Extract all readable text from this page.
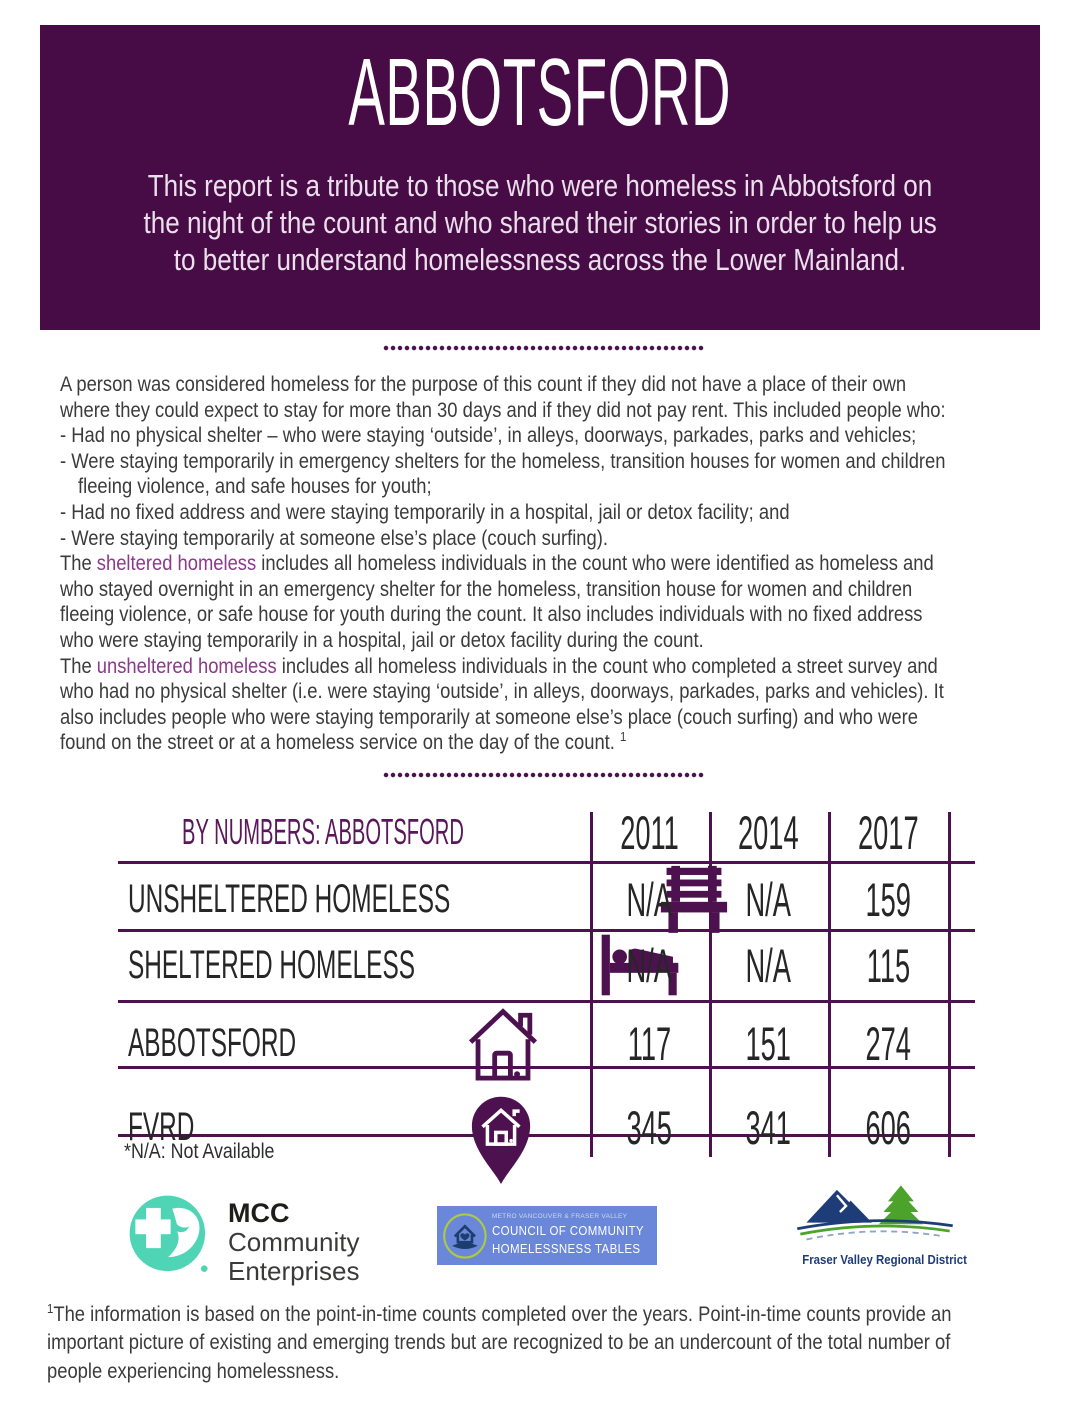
ABBOTSFORD
This report is a tribute to those who were homeless in Abbotsford on
the night of the count and who shared their stories in order to help us
to better understand homelessness across the Lower Mainland.
A person was considered homeless for the purpose of this count if they did not have a place of their own
where they could expect to stay for more than 30 days and if they did not pay rent. This included people who:
- Had no physical shelter – who were staying ‘outside’, in alleys, doorways, parkades, parks and vehicles;
- Were staying temporarily in emergency shelters for the homeless, transition houses for women and children
fleeing violence, and safe houses for youth;
- Had no fixed address and were staying temporarily in a hospital, jail or detox facility; and
- Were staying temporarily at someone else’s place (couch surfing).
The sheltered homeless includes all homeless individuals in the count who were identified as homeless and
who stayed overnight in an emergency shelter for the homeless, transition house for women and children
fleeing violence, or safe house for youth during the count. It also includes individuals with no fixed address
who were staying temporarily in a hospital, jail or detox facility during the count.
The unsheltered homeless includes all homeless individuals in the count who completed a street survey and
who had no physical shelter (i.e. were staying ‘outside’, in alleys, doorways, parkades, parks and vehicles). It
also includes people who were staying temporarily at someone else’s place (couch surfing) and who were
found on the street or at a homeless service on the day of the count. $^1$
BY NUMBERS: ABBOTSFORD	2011 2014 2017
UNSHELTERED HOMELESS	N/A N/A 159
SHELTERED HOMELESS	N/A N/A 115
ABBOTSFORD	117 151 274
FVRD	345 341 606
*N/A: Not Available
MCC
Community
Enterprises
METRO VANCOUVER & FRASER VALLEY
COUNCIL OF COMMUNITY
HOMELESSNESS TABLES
Fraser Valley Regional District
$^1$The information is based on the point-in-time counts completed over the years. Point-in-time counts provide an
important picture of existing and emerging trends but are recognized to be an undercount of the total number of
people experiencing homelessness.
